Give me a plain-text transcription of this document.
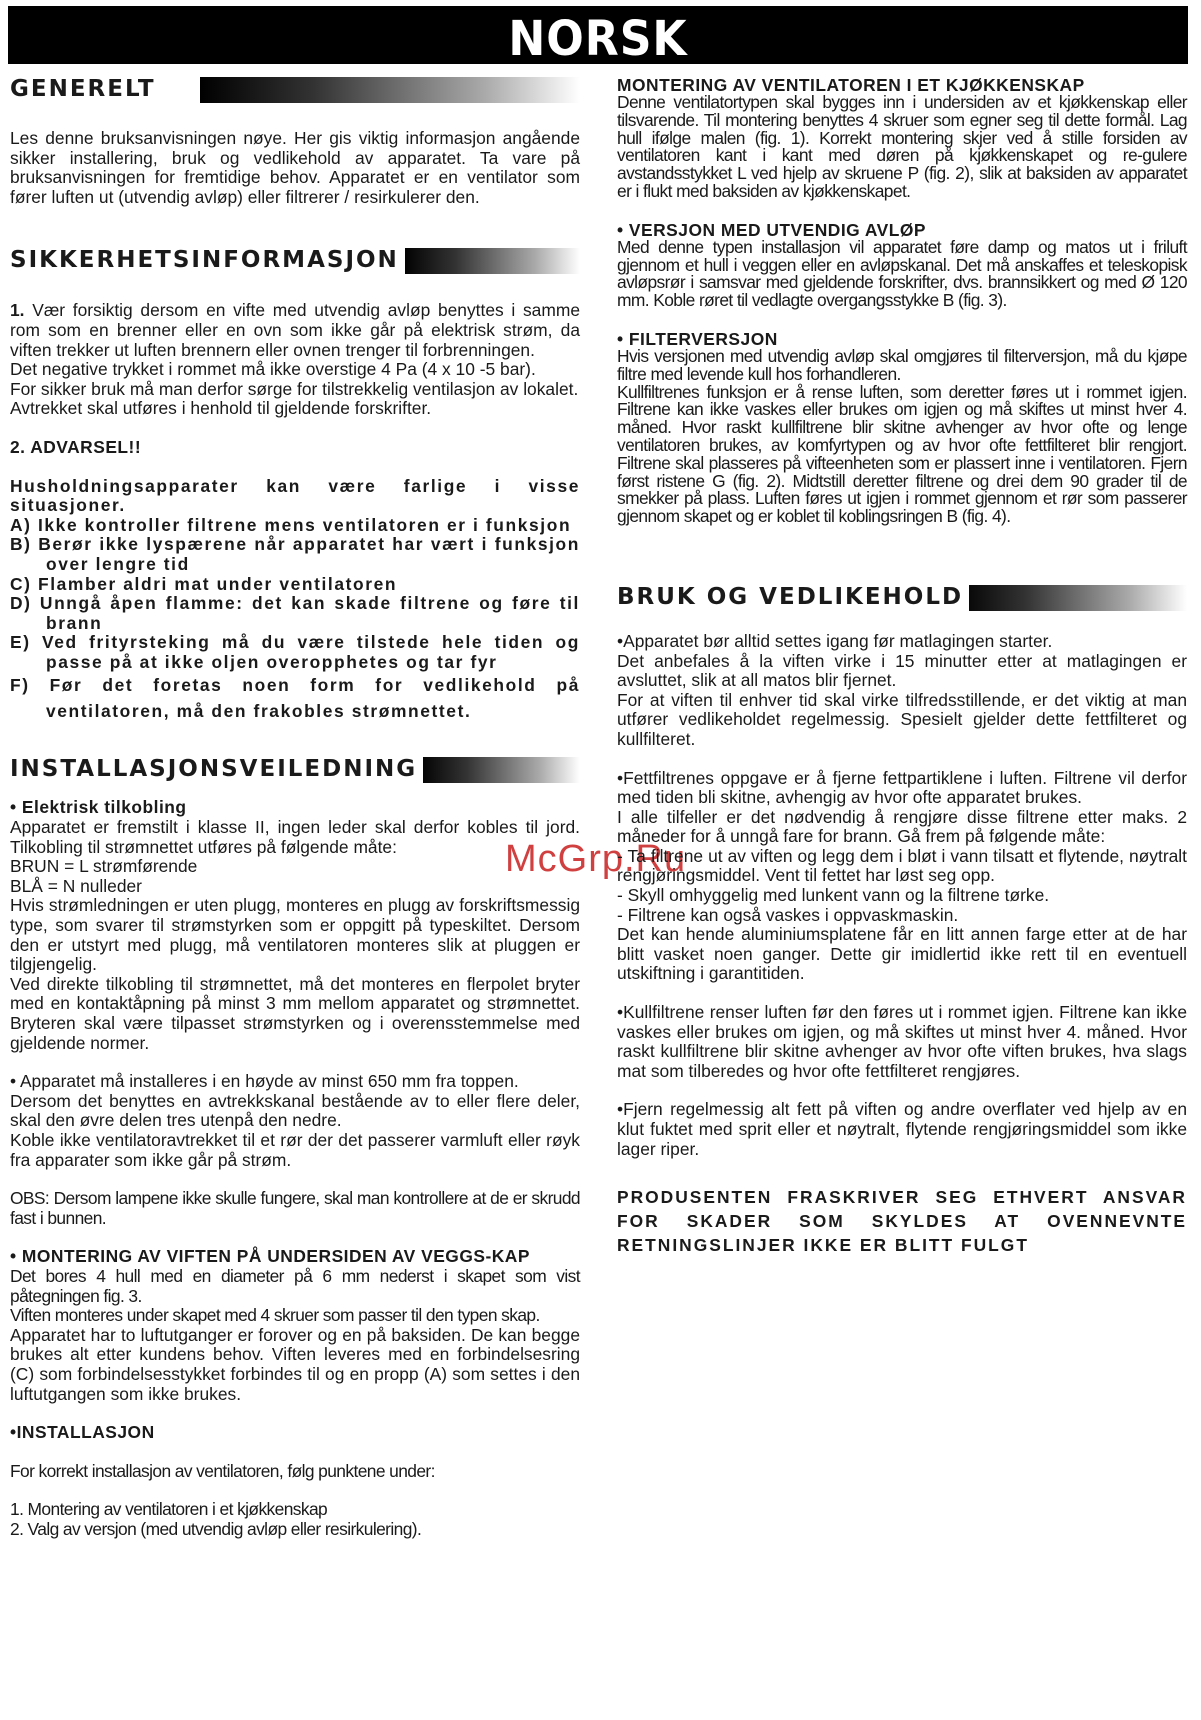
NORSK
McGrp.Ru
GENERELT

Les denne bruksanvisningen nøye. Her gis viktig informasjon angående sikker installering, bruk og vedlikehold av apparatet. Ta vare på bruksanvisningen for fremtidige behov. Apparatet er en ventilator som fører luften ut (utvendig avløp) eller filtrerer / resirkulerer den.

SIKKERHETSINFORMASJON

1. Vær forsiktig dersom en vifte med utvendig avløp benyttes i samme rom som en brenner eller en ovn som ikke går på elektrisk strøm, da viften trekker ut luften brennern eller ovnen trenger til forbrenningen.

Det negative trykket i rommet må ikke overstige 4 Pa (4 x 10 -5 bar).

For sikker bruk må man derfor sørge for tilstrekkelig ventilasjon av lokalet.

Avtrekket skal utføres i henhold til gjeldende forskrifter.

2. ADVARSEL!!

Husholdningsapparater kan være farlige i visse situasjoner.

A) Ikke kontroller filtrene mens ventilatoren er i funksjon
B) Berør ikke lyspærene når apparatet har vært i funksjon over lengre tid
C) Flamber aldri mat under ventilatoren
D) Unngå åpen flamme: det kan skade filtrene og føre til brann
E) Ved frityrsteking må du være tilstede hele tiden og passe på at ikke oljen overopphetes og tar fyr
F) Før det foretas noen form for vedlikehold på ventilatoren, må den frakobles strømnettet.
INSTALLASJONSVEILEDNING

• Elektrisk tilkobling

Apparatet er fremstilt i klasse II, ingen leder skal derfor kobles til jord. Tilkobling til strømnettet utføres på følgende måte:

BRUN = L strømførende

BLÅ = N nulleder

Hvis strømledningen er uten plugg, monteres en plugg av forskriftsmessig type, som svarer til strømstyrken som er oppgitt på typeskiltet. Dersom den er utstyrt med plugg, må ventilatoren monteres slik at pluggen er tilgjengelig.

Ved direkte tilkobling til strømnettet, må det monteres en flerpolet bryter med en kontaktåpning på minst 3 mm mellom apparatet og strømnettet. Bryteren skal være tilpasset strømstyrken og i overensstemmelse med gjeldende normer.

• Apparatet må installeres i en høyde av minst 650 mm fra toppen.

Dersom det benyttes en avtrekkskanal bestående av to eller flere deler, skal den øvre delen tres utenpå den nedre.

Koble ikke ventilatoravtrekket til et rør der det passerer varmluft eller røyk fra apparater som ikke går på strøm.

OBS: Dersom lampene ikke skulle fungere, skal man kontrollere at de er skrudd fast i bunnen.

• MONTERING AV VIFTEN PÅ UNDERSIDEN AV VEGGS-KAP

Det bores 4 hull med en diameter på 6 mm nederst i skapet som vist påtegningen fig. 3.

Viften monteres under skapet med 4 skruer som passer til den typen skap.

Apparatet har to luftutganger er forover og en på baksiden. De kan begge brukes alt etter kundens behov. Viften leveres med en forbindelsesring (C) som forbindelsesstykket forbindes til og en propp (A) som settes i den luftutgangen som ikke brukes.

•INSTALLASJON

For korrekt installasjon av ventilatoren, følg punktene under:

1. Montering av ventilatoren i et kjøkkenskap

2. Valg av versjon (med utvendig avløp eller resirkulering).

MONTERING AV VENTILATOREN I ET KJØKKENSKAP

Denne ventilatortypen skal bygges inn i undersiden av et kjøkkenskap eller tilsvarende. Til montering benyttes 4 skruer som egner seg til dette formål. Lag hull ifølge malen (fig. 1). Korrekt montering skjer ved å stille forsiden av ventilatoren kant i kant med døren på kjøkkenskapet og re-gulere avstandsstykket L ved hjelp av skruene P (fig. 2), slik at baksiden av apparatet er i flukt med baksiden av kjøkkenskapet.

• VERSJON MED UTVENDIG AVLØP

Med denne typen installasjon vil apparatet føre damp og matos ut i friluft gjennom et hull i veggen eller en avløpskanal. Det må anskaffes et teleskopisk avløpsrør i samsvar med gjeldende forskrifter, dvs. brannsikkert og med Ø 120 mm. Koble røret til vedlagte overgangsstykke B (fig. 3).

• FILTERVERSJON

Hvis versjonen med utvendig avløp skal omgjøres til filterversjon, må du kjøpe filtre med levende kull hos forhandleren.

Kullfiltrenes funksjon er å rense luften, som deretter føres ut i rommet igjen. Filtrene kan ikke vaskes eller brukes om igjen og må skiftes ut minst hver 4. måned. Hvor raskt kullfiltrene blir skitne avhenger av hvor ofte og lenge ventilatoren brukes, av komfyrtypen og av hvor ofte fettfilteret blir rengjort. Filtrene skal plasseres på vifteenheten som er plassert inne i ventilatoren. Fjern først ristene G (fig. 2). Midtstill deretter filtrene og drei dem 90 grader til de smekker på plass. Luften føres ut igjen i rommet gjennom et rør som passerer gjennom skapet og er koblet til koblingsringen B (fig. 4).

BRUK OG VEDLIKEHOLD

•Apparatet bør alltid settes igang før matlagingen starter.

Det anbefales å la viften virke i 15 minutter etter at matlagingen er avsluttet, slik at all matos blir fjernet.

For at viften til enhver tid skal virke tilfredsstillende, er det viktig at man utfører vedlikeholdet regelmessig. Spesielt gjelder dette fettfilteret og kullfilteret.

•Fettfiltrenes oppgave er å fjerne fettpartiklene i luften. Filtrene vil derfor med tiden bli skitne, avhengig av hvor ofte apparatet brukes.

I alle tilfeller er det nødvendig å rengjøre disse filtrene etter maks. 2 måneder for å unngå fare for brann. Gå frem på følgende måte:

- Ta filtrene ut av viften og legg dem i bløt i vann tilsatt et flytende, nøytralt rengjøringsmiddel. Vent til fettet har løst seg opp.

- Skyll omhyggelig med lunkent vann og la filtrene tørke.

- Filtrene kan også vaskes i oppvaskmaskin.

Det kan hende aluminiumsplatene får en litt annen farge etter at de har blitt vasket noen ganger. Dette gir imidlertid ikke rett til en eventuell utskiftning i garantitiden.

•Kullfiltrene renser luften før den føres ut i rommet igjen. Filtrene kan ikke vaskes eller brukes om igjen, og må skiftes ut minst hver 4. måned. Hvor raskt kullfiltrene blir skitne avhenger av hvor ofte viften brukes, hva slags mat som tilberedes og hvor ofte fettfilteret rengjøres.

•Fjern regelmessig alt fett på viften og andre overflater ved hjelp av en klut fuktet med sprit eller et nøytralt, flytende rengjøringsmiddel som ikke lager riper.

PRODUSENTEN FRASKRIVER SEG ETHVERT ANSVAR FOR SKADER SOM SKYLDES AT OVENNEVNTE RETNINGSLINJER IKKE ER BLITT FULGT
